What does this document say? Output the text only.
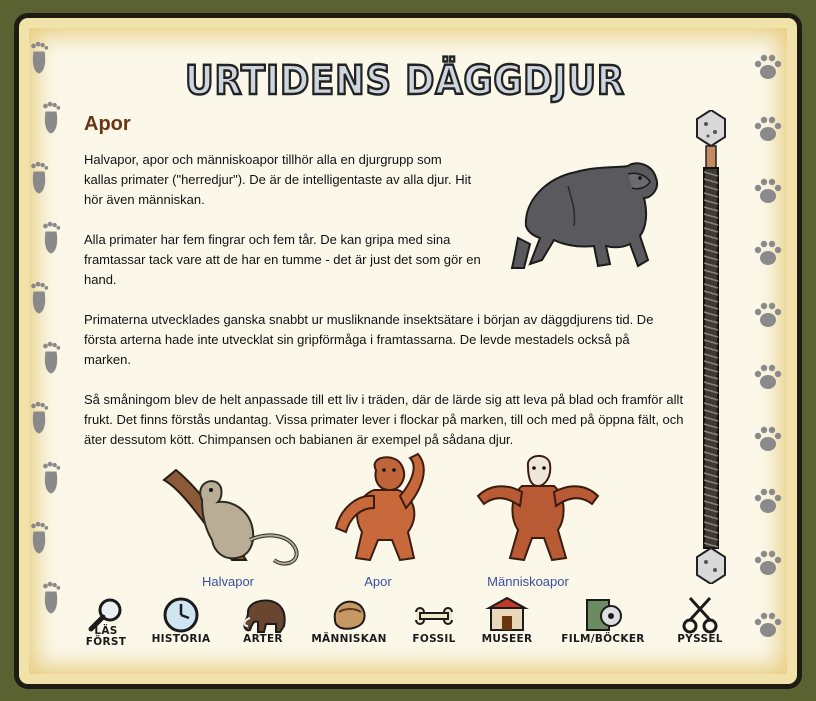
URTIDENS DÄGGDJUR
Apor

Halvapor, apor och människoapor tillhör alla en djurgrupp som kallas primater ("herredjur"). De är de intelligentaste av alla djur. Hit hör även människan.

Alla primater har fem fingrar och fem tår. De kan gripa med sina framtassar tack vare att de har en tumme - det är just det som gör en hand.

Primaterna utvecklades ganska snabbt ur musliknande insektsätare i början av däggdjurens tid. De första arterna hade inte utvecklat sin gripförmåga i framtassarna. De levde mestadels också på marken.

Så småningom blev de helt anpassade till ett liv i träden, där de lärde sig att leva på blad och framför allt frukt. Det finns förstås undantag. Vissa primater lever i flockar på marken, till och med på öppna fält, och äter dessutom kött. Chimpansen och babianen är exempel på sådana djur.

Halvapor	Apor	Människoapor
LÄS FÖRST	HISTORIA	ARTER	MÄNNISKAN	FOSSIL	MUSEER	FILM/BÖCKER	PYSSEL
